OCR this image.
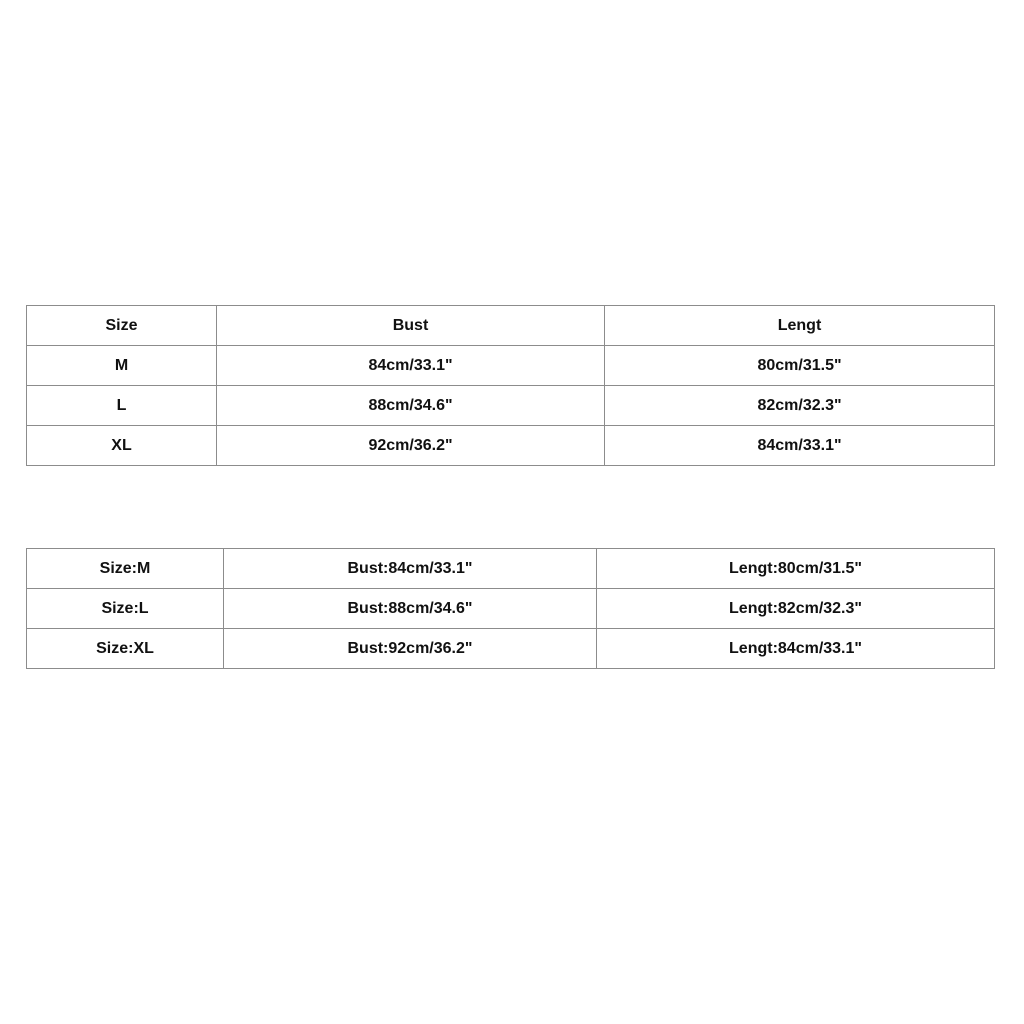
Size	Bust	Lengt
M	84cm/33.1"	80cm/31.5"
L	88cm/34.6"	82cm/32.3"
XL	92cm/36.2"	84cm/33.1"
Size:M	Bust:84cm/33.1"	Lengt:80cm/31.5"
Size:L	Bust:88cm/34.6"	Lengt:82cm/32.3"
Size:XL	Bust:92cm/36.2"	Lengt:84cm/33.1"
